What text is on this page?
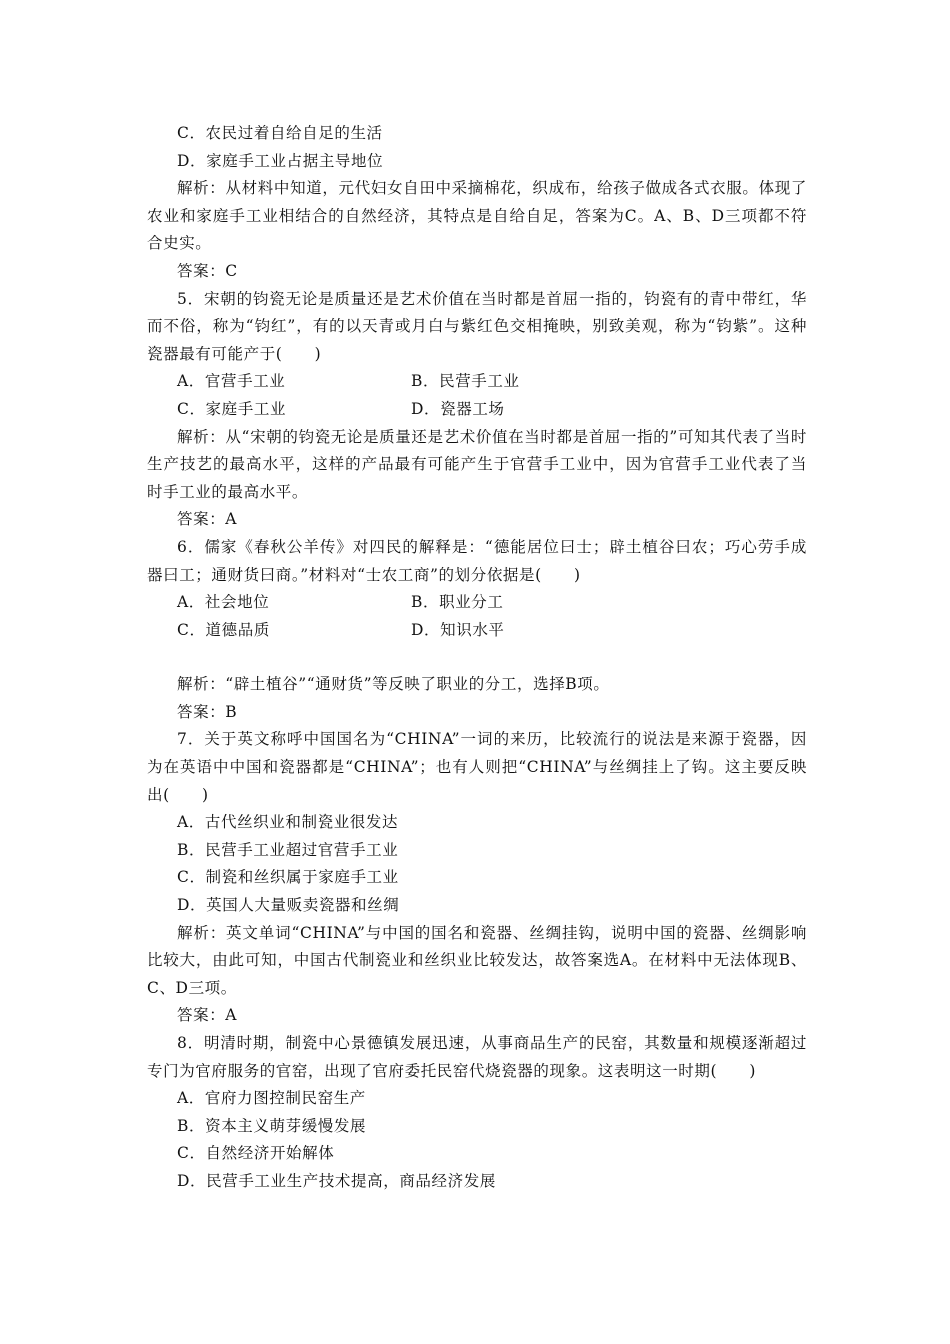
C．农民过着自给自足的生活
D．家庭手工业占据主导地位

解析：从材料中知道，元代妇女自田中采摘棉花，织成布，给孩子做成各式衣服。体现了农业和家庭手工业相结合的自然经济，其特点是自给自足，答案为C。A、B、D三项都不符合史实。

答案：C

5．宋朝的钧瓷无论是质量还是艺术价值在当时都是首屈一指的，钧瓷有的青中带红，华而不俗，称为“钧红”，有的以天青或月白与紫红色交相掩映，别致美观，称为“钧紫”。这种瓷器最有可能产于(　　)

A．官营手工业	B．民营手工业
C．家庭手工业	D．瓷器工场

解析：从“宋朝的钧瓷无论是质量还是艺术价值在当时都是首屈一指的”可知其代表了当时生产技艺的最高水平，这样的产品最有可能产生于官营手工业中，因为官营手工业代表了当时手工业的最高水平。

答案：A

6．儒家《春秋公羊传》对四民的解释是：“德能居位曰士；辟土植谷曰农；巧心劳手成器曰工；通财货曰商。”材料对“士农工商”的划分依据是(　　)

A．社会地位	B．职业分工
C．道德品质	D．知识水平

解析：“辟土植谷”“通财货”等反映了职业的分工，选择B项。

答案：B

7．关于英文称呼中国国名为“CHINA”一词的来历，比较流行的说法是来源于瓷器，因为在英语中中国和瓷器都是“CHINA”；也有人则把“CHINA”与丝绸挂上了钩。这主要反映出(　　)

A．古代丝织业和制瓷业很发达
B．民营手工业超过官营手工业
C．制瓷和丝织属于家庭手工业
D．英国人大量贩卖瓷器和丝绸

解析：英文单词“CHINA”与中国的国名和瓷器、丝绸挂钩，说明中国的瓷器、丝绸影响比较大，由此可知，中国古代制瓷业和丝织业比较发达，故答案选A。在材料中无法体现B、C、D三项。

答案：A

8．明清时期，制瓷中心景德镇发展迅速，从事商品生产的民窑，其数量和规模逐渐超过专门为官府服务的官窑，出现了官府委托民窑代烧瓷器的现象。这表明这一时期(　　)

A．官府力图控制民窑生产
B．资本主义萌芽缓慢发展
C．自然经济开始解体
D．民营手工业生产技术提高，商品经济发展
